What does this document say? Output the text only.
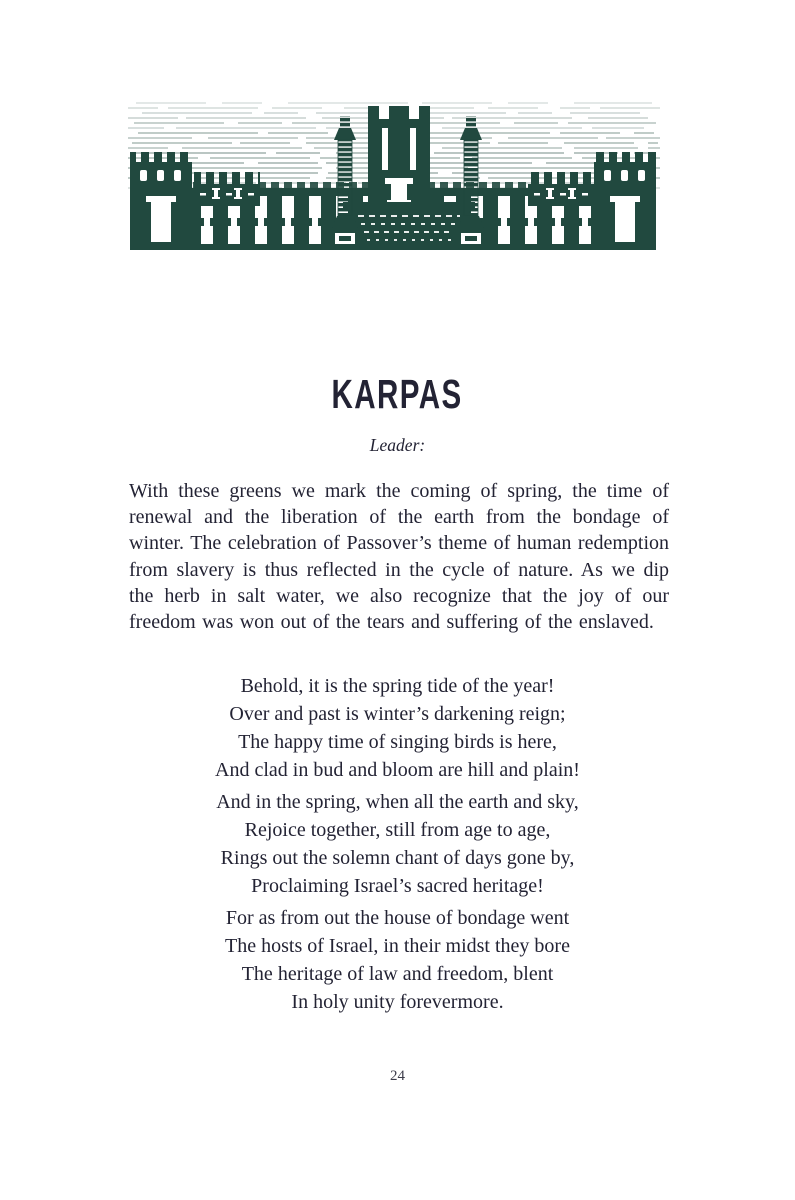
KARPAS
Leader:

With these greens we mark the coming of spring, the time of renewal and the liberation of the earth from the bondage of winter. The celebration of Passover’s theme of human redemption from slavery is thus reflected in the cycle of nature. As we dip the herb in salt water, we also recognize that the joy of our freedom was won out of the tears and suffering of the enslaved.

Behold, it is the spring tide of the year!
Over and past is winter’s darkening reign;
The happy time of singing birds is here,
And clad in bud and bloom are hill and plain!
And in the spring, when all the earth and sky,
Rejoice together, still from age to age,
Rings out the solemn chant of days gone by,
Proclaiming Israel’s sacred heritage!
For as from out the house of bondage went
The hosts of Israel, in their midst they bore
The heritage of law and freedom, blent
In holy unity forevermore.
24
